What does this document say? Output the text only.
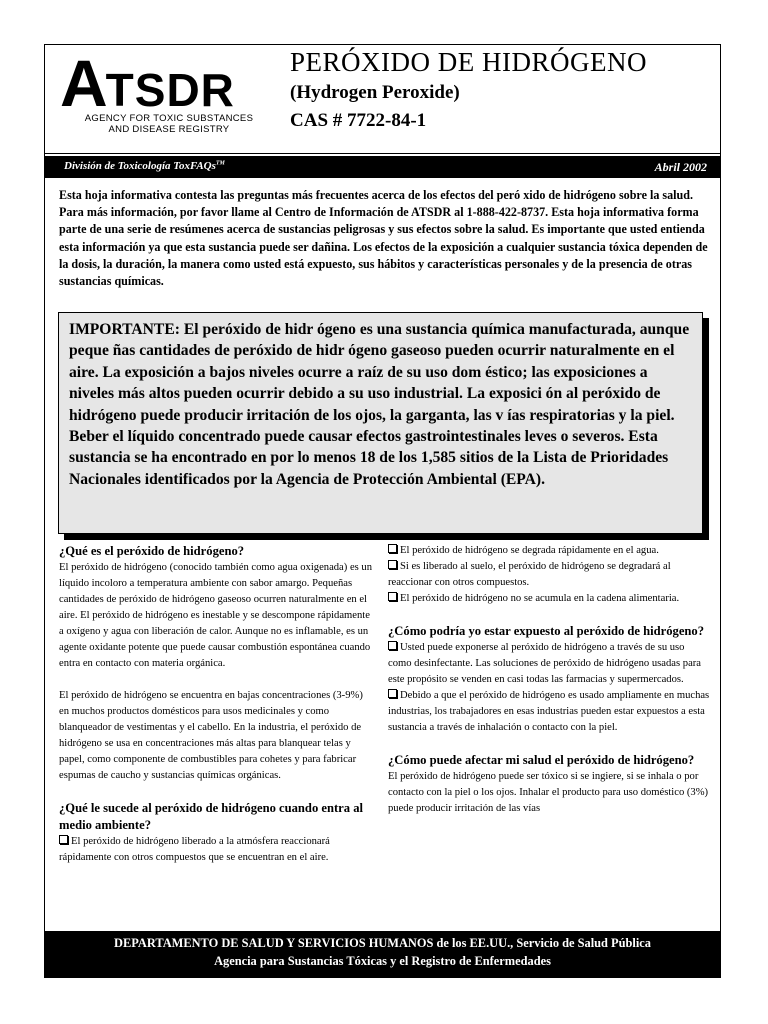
ATSDR
AGENCY FOR TOXIC SUBSTANCES
AND DISEASE REGISTRY
PERÓXIDO DE HIDRÓGENO
(Hydrogen Peroxide)
CAS # 7722-84-1
División de Toxicología ToxFAQs™	Abril 2002
Esta hoja informativa contesta las preguntas más frecuentes acerca de los efectos del peró xido de hidrógeno sobre la salud. Para más información, por favor llame al Centro de Información de ATSDR al 1-888-422-8737. Esta hoja informativa forma parte de una serie de resúmenes acerca de sustancias peligrosas y sus efectos sobre la salud. Es importante que usted entienda esta información ya que esta sustancia puede ser dañina. Los efectos de la exposición a cualquier sustancia tóxica dependen de la dosis, la duración, la manera como usted está expuesto, sus hábitos y características personales y de la presencia de otras sustancias químicas.
IMPORTANTE: El peróxido de hidr ógeno es una sustancia química manufacturada, aunque peque ñas cantidades de peróxido de hidr ógeno gaseoso pueden ocurrir naturalmente en el aire. La exposición a bajos niveles ocurre a raíz de su uso dom éstico; las exposiciones a niveles más altos pueden ocurrir debido a su uso industrial. La exposici ón al peróxido de hidrógeno puede producir irritación de los ojos, la garganta, las v ías respiratorias y la piel. Beber el líquido concentrado puede causar efectos gastrointestinales leves o severos. Esta sustancia se ha encontrado en por lo menos 18 de los 1,585 sitios de la Lista de Prioridades Nacionales identificados por la Agencia de Protección Ambiental (EPA).

¿Qué es el peróxido de hidrógeno?

El peróxido de hidrógeno (conocido también como agua oxigenada) es un líquido incoloro a temperatura ambiente con sabor amargo. Pequeñas cantidades de peróxido de hidrógeno gaseoso ocurren naturalmente en el aire. El peróxido de hidrógeno es inestable y se descompone rápidamente a oxígeno y agua con liberación de calor. Aunque no es inflamable, es un agente oxidante potente que puede causar combustión espontánea cuando entra en contacto con materia orgánica.

El peróxido de hidrógeno se encuentra en bajas concentraciones (3-9%) en muchos productos domésticos para usos medicinales y como blanqueador de vestimentas y el cabello. En la industria, el peróxido de hidrógeno se usa en concentraciones más altas para blanquear telas y papel, como componente de combustibles para cohetes y para fabricar espumas de caucho y sustancias químicas orgánicas.

¿Qué le sucede al peróxido de hidrógeno cuando entra al medio ambiente?

El peróxido de hidrógeno liberado a la atmósfera reaccionará rápidamente con otros compuestos que se encuentran en el aire.

El peróxido de hidrógeno se degrada rápidamente en el agua.

Si es liberado al suelo, el peróxido de hidrógeno se degradará al reaccionar con otros compuestos.

El peróxido de hidrógeno no se acumula en la cadena alimentaria.

¿Cómo podría yo estar expuesto al peróxido de hidrógeno?

Usted puede exponerse al peróxido de hidrógeno a través de su uso como desinfectante. Las soluciones de peróxido de hidrógeno usadas para este propósito se venden en casi todas las farmacias y supermercados.

Debido a que el peróxido de hidrógeno es usado ampliamente en muchas industrias, los trabajadores en esas industrias pueden estar expuestos a esta sustancia a través de inhalación o contacto con la piel.

¿Cómo puede afectar mi salud el peróxido de hidrógeno?

El peróxido de hidrógeno puede ser tóxico si se ingiere, si se inhala o por contacto con la piel o los ojos. Inhalar el producto para uso doméstico (3%) puede producir irritación de las vías

DEPARTAMENTO DE SALUD Y SERVICIOS HUMANOS de los EE.UU., Servicio de Salud Pública
Agencia para Sustancias Tóxicas y el Registro de Enfermedades
